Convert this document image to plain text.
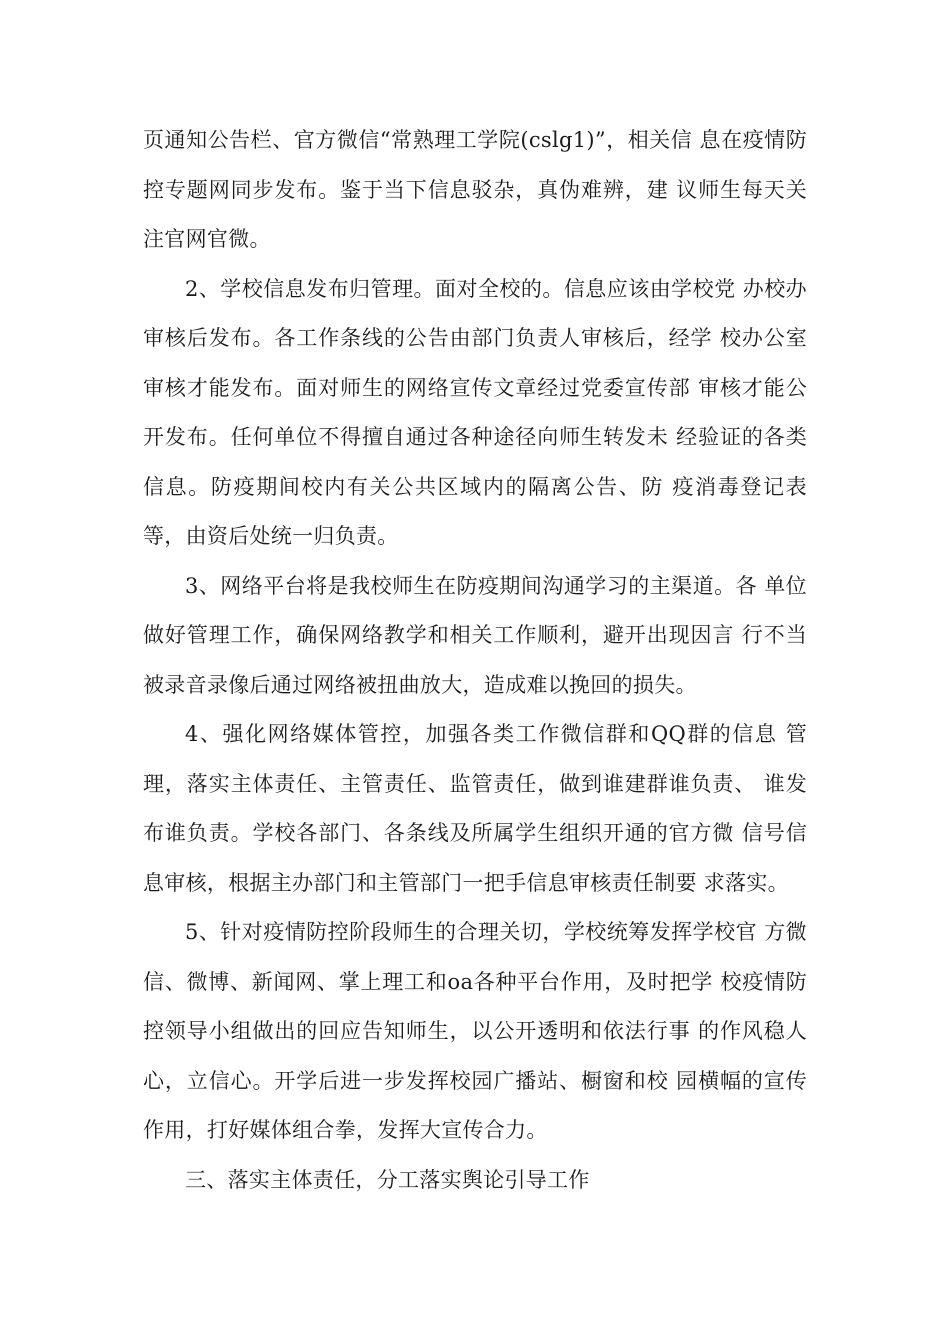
页通知公告栏、官方微信“常熟理工学院(cslg1)”，相关信 息在疫情防控专题网同步发布。鉴于当下信息驳杂，真伪难辨，建 议师生每天关注官网官微。

2、学校信息发布归管理。面对全校的。信息应该由学校党 办校办审核后发布。各工作条线的公告由部门负责人审核后，经学 校办公室审核才能发布。面对师生的网络宣传文章经过党委宣传部 审核才能公开发布。任何单位不得擅自通过各种途径向师生转发未 经验证的各类信息。防疫期间校内有关公共区域内的隔离公告、防 疫消毒登记表等，由资后处统一归负责。

3、网络平台将是我校师生在防疫期间沟通学习的主渠道。各 单位做好管理工作，确保网络教学和相关工作顺利，避开出现因言 行不当被录音录像后通过网络被扭曲放大，造成难以挽回的损失。

4、强化网络媒体管控，加强各类工作微信群和QQ群的信息 管理，落实主体责任、主管责任、监管责任，做到谁建群谁负责、 谁发布谁负责。学校各部门、各条线及所属学生组织开通的官方微 信号信息审核，根据主办部门和主管部门一把手信息审核责任制要 求落实。

5、针对疫情防控阶段师生的合理关切，学校统筹发挥学校官 方微信、微博、新闻网、掌上理工和oa各种平台作用，及时把学 校疫情防控领导小组做出的回应告知师生，以公开透明和依法行事 的作风稳人心，立信心。开学后进一步发挥校园广播站、橱窗和校 园横幅的宣传作用，打好媒体组合拳，发挥大宣传合力。

三、落实主体责任，分工落实舆论引导工作
